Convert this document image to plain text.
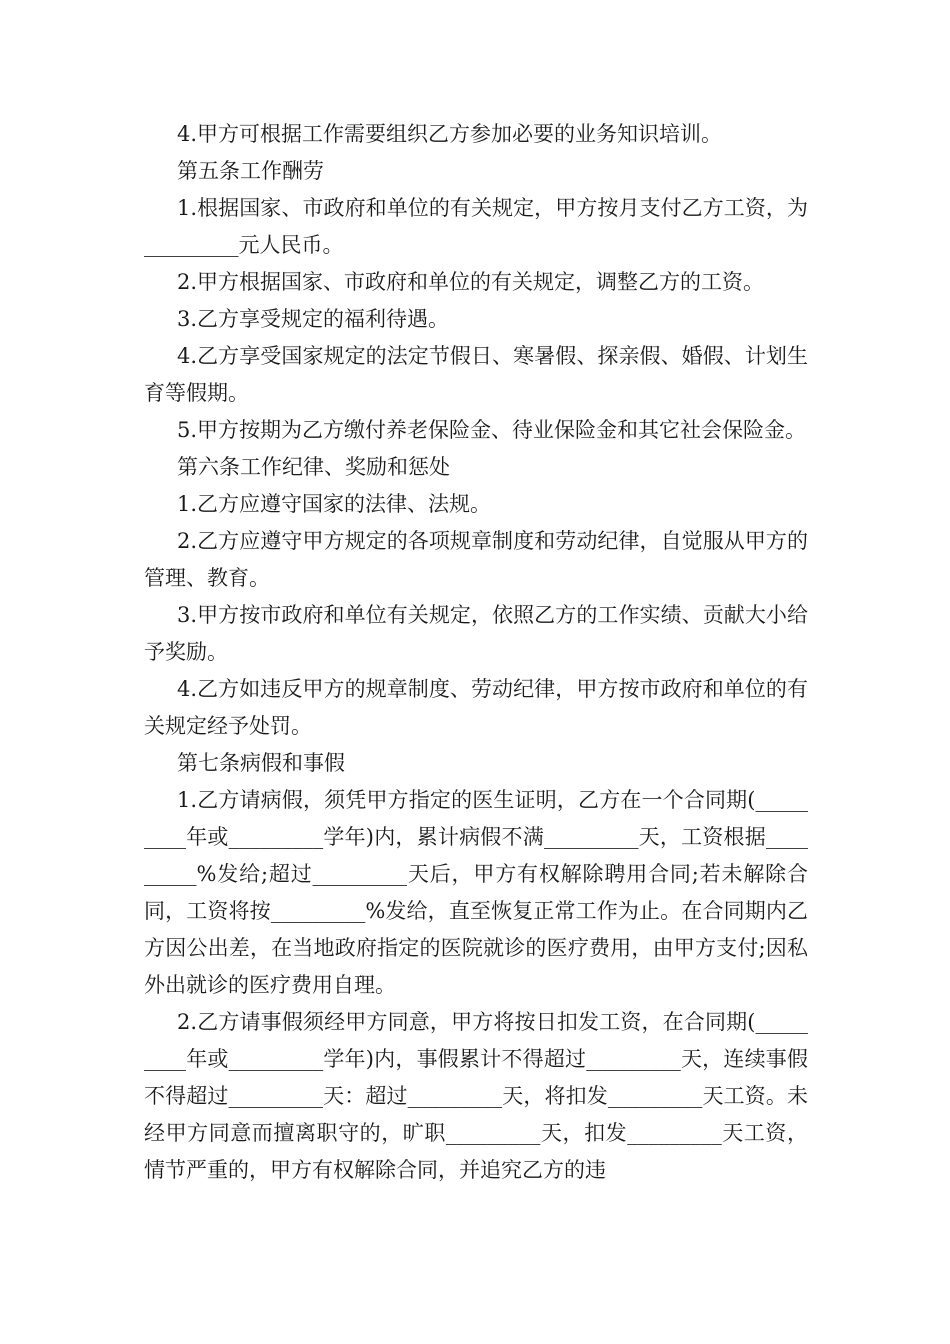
4.甲方可根据工作需要组织乙方参加必要的业务知识培训。

第五条工作酬劳

1.根据国家、市政府和单位的有关规定，甲方按月支付乙方工资，为_________元人民币。

2.甲方根据国家、市政府和单位的有关规定，调整乙方的工资。

3.乙方享受规定的福利待遇。

4.乙方享受国家规定的法定节假日、寒暑假、探亲假、婚假、计划生育等假期。

5.甲方按期为乙方缴付养老保险金、待业保险金和其它社会保险金。

第六条工作纪律、奖励和惩处

1.乙方应遵守国家的法律、法规。

2.乙方应遵守甲方规定的各项规章制度和劳动纪律，自觉服从甲方的管理、教育。

3.甲方按市政府和单位有关规定，依照乙方的工作实绩、贡献大小给予奖励。

4.乙方如违反甲方的规章制度、劳动纪律，甲方按市政府和单位的有关规定经予处罚。

第七条病假和事假

1.乙方请病假，须凭甲方指定的医生证明，乙方在一个合同期(_________年或_________学年)内，累计病假不满_________天，工资根据_________%发给;超过_________天后，甲方有权解除聘用合同;若未解除合同，工资将按_________%发给，直至恢复正常工作为止。在合同期内乙方因公出差，在当地政府指定的医院就诊的医疗费用，由甲方支付;因私外出就诊的医疗费用自理。

2.乙方请事假须经甲方同意，甲方将按日扣发工资，在合同期(_________年或_________学年)内，事假累计不得超过_________天，连续事假不得超过_________天：超过_________天，将扣发_________天工资。未经甲方同意而擅离职守的，旷职_________天，扣发_________天工资，情节严重的，甲方有权解除合同，并追究乙方的违
